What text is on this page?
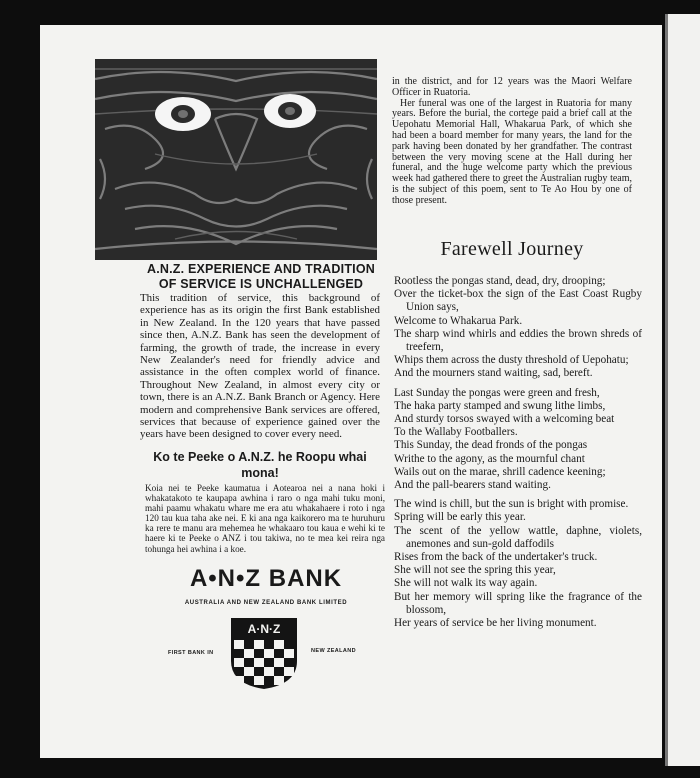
A.N.Z. EXPERIENCE AND TRADITION
OF SERVICE IS UNCHALLENGED

This tradition of service, this background of experience has as its origin the first Bank established in New Zealand. In the 120 years that have passed since then, A.N.Z. Bank has seen the development of farming, the growth of trade, the increase in every New Zealander's need for friendly advice and assistance in the often complex world of finance. Throughout New Zealand, in almost every city or town, there is an A.N.Z. Bank Branch or Agency. Here modern and comprehensive Bank services are offered, services that because of experience gained over the years have been designed to cover every need.

Ko te Peeke o A.N.Z. he Roopu whai mona!

Koia nei te Peeke kaumatua i Aotearoa nei a nana hoki i whakatakoto te kaupapa awhina i raro o nga mahi tuku moni, mahi paamu whakatu whare me era atu whakahaere i roto i nga 120 tau kua taha ake nei. E ki ana nga kaikorero ma te huruhuru ka rere te manu ara mehemea he whakaaro tou kaua e wehi ki te haere ki te Peeke o ANZ i tou takiwa, no te mea kei reira nga tohunga hei awhina i a koe.

A•N•Z BANK
AUSTRALIA AND NEW ZEALAND BANK LIMITED
A·N·Z
FIRST BANK IN	NEW ZEALAND

in the district, and for 12 years was the Maori Welfare Officer in Ruatoria.

Her funeral was one of the largest in Ruatoria for many years. Before the burial, the cortege paid a brief call at the Uepohatu Memorial Hall, Whakarua Park, of which she had been a board member for many years, the land for the park having been donated by her grandfather. The contrast between the very moving scene at the Hall during her funeral, and the huge welcome party which the previous week had gathered there to greet the Australian rugby team, is the subject of this poem, sent to Te Ao Hou by one of those present.

Farewell Journey
Rootless the pongas stand, dead, dry, drooping;
Over the ticket-box the sign of the East Coast Rugby Union says,
Welcome to Whakarua Park.
The sharp wind whirls and eddies the brown shreds of treefern,
Whips them across the dusty threshold of Uepohatu;
And the mourners stand waiting, sad, bereft.
Last Sunday the pongas were green and fresh,
The haka party stamped and swung lithe limbs,
And sturdy torsos swayed with a welcoming beat
To the Wallaby Footballers.
This Sunday, the dead fronds of the pongas
Writhe to the agony, as the mournful chant
Wails out on the marae, shrill cadence keening;
And the pall-bearers stand waiting.
The wind is chill, but the sun is bright with promise.
Spring will be early this year.
The scent of the yellow wattle, daphne, violets, anemones and sun-gold daffodils
Rises from the back of the undertaker's truck.
She will not see the spring this year,
She will not walk its way again.
But her memory will spring like the fragrance of the blossom,
Her years of service be her living monument.
